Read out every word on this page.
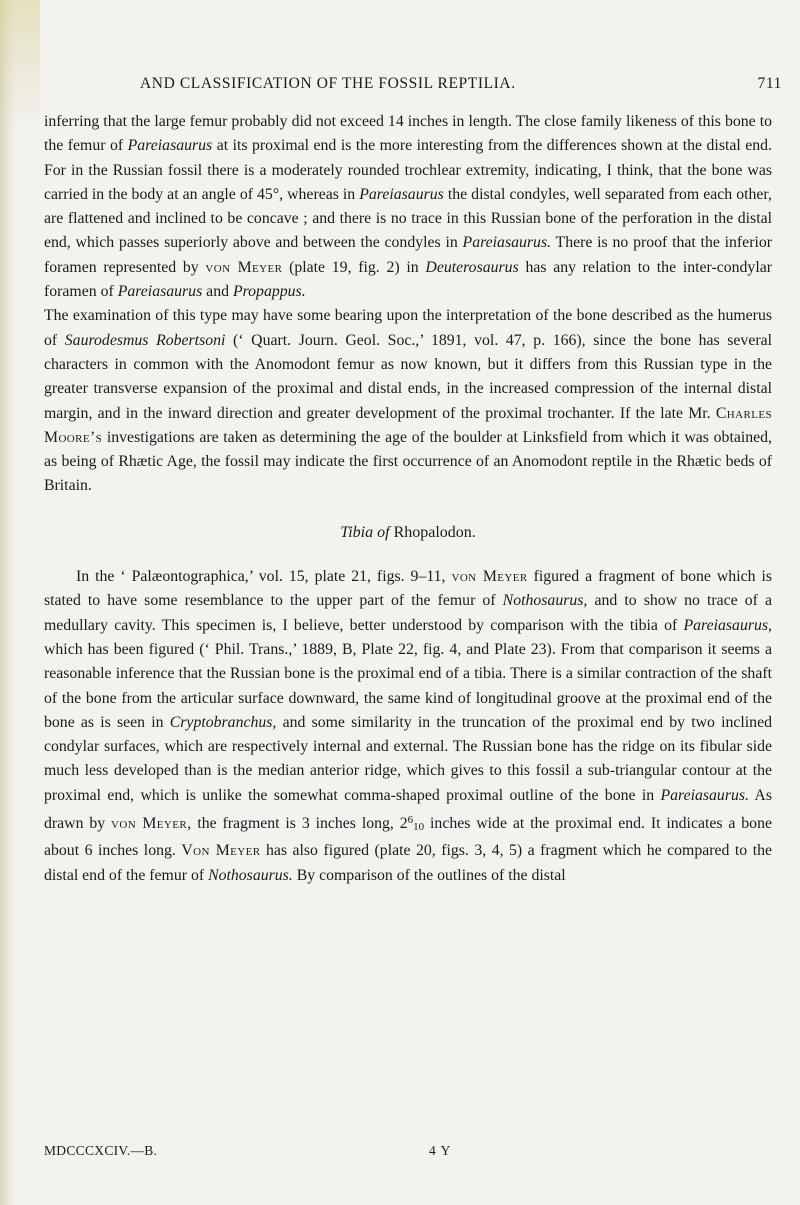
AND CLASSIFICATION OF THE FOSSIL REPTILIA.	711

inferring that the large femur probably did not exceed 14 inches in length. The close family likeness of this bone to the femur of Pareiasaurus at its proximal end is the more interesting from the differences shown at the distal end. For in the Russian fossil there is a moderately rounded trochlear extremity, indicating, I think, that the bone was carried in the body at an angle of 45°, whereas in Pareiasaurus the distal condyles, well separated from each other, are flattened and inclined to be concave ; and there is no trace in this Russian bone of the perforation in the distal end, which passes superiorly above and between the condyles in Pareiasaurus. There is no proof that the inferior foramen represented by von Meyer (plate 19, fig. 2) in Deuterosaurus has any relation to the inter-condylar foramen of Pareiasaurus and Propappus.

The examination of this type may have some bearing upon the interpretation of the bone described as the humerus of Saurodesmus Robertsoni (‘ Quart. Journ. Geol. Soc.,’ 1891, vol. 47, p. 166), since the bone has several characters in common with the Anomodont femur as now known, but it differs from this Russian type in the greater transverse expansion of the proximal and distal ends, in the increased compression of the internal distal margin, and in the inward direction and greater development of the proximal trochanter. If the late Mr. Charles Moore’s investigations are taken as determining the age of the boulder at Linksfield from which it was obtained, as being of Rhætic Age, the fossil may indicate the first occurrence of an Anomodont reptile in the Rhætic beds of Britain.

Tibia of Rhopalodon.

In the ‘ Palæontographica,’ vol. 15, plate 21, figs. 9–11, von Meyer figured a fragment of bone which is stated to have some resemblance to the upper part of the femur of Nothosaurus, and to show no trace of a medullary cavity. This specimen is, I believe, better understood by comparison with the tibia of Pareiasaurus, which has been figured (‘ Phil. Trans.,’ 1889, B, Plate 22, fig. 4, and Plate 23). From that comparison it seems a reasonable inference that the Russian bone is the proximal end of a tibia. There is a similar contraction of the shaft of the bone from the articular surface downward, the same kind of longitudinal groove at the proximal end of the bone as is seen in Cryptobranchus, and some similarity in the truncation of the proximal end by two inclined condylar surfaces, which are respectively internal and external. The Russian bone has the ridge on its fibular side much less developed than is the median anterior ridge, which gives to this fossil a sub-triangular contour at the proximal end, which is unlike the somewhat comma-shaped proximal outline of the bone in Pareiasaurus. As drawn by von Meyer, the fragment is 3 inches long, $2^610$ inches wide at the proximal end. It indicates a bone about 6 inches long. Von Meyer has also figured (plate 20, figs. 3, 4, 5) a fragment which he compared to the distal end of the femur of Nothosaurus. By comparison of the outlines of the distal

MDCCCXCIV.—B.	4 Y
